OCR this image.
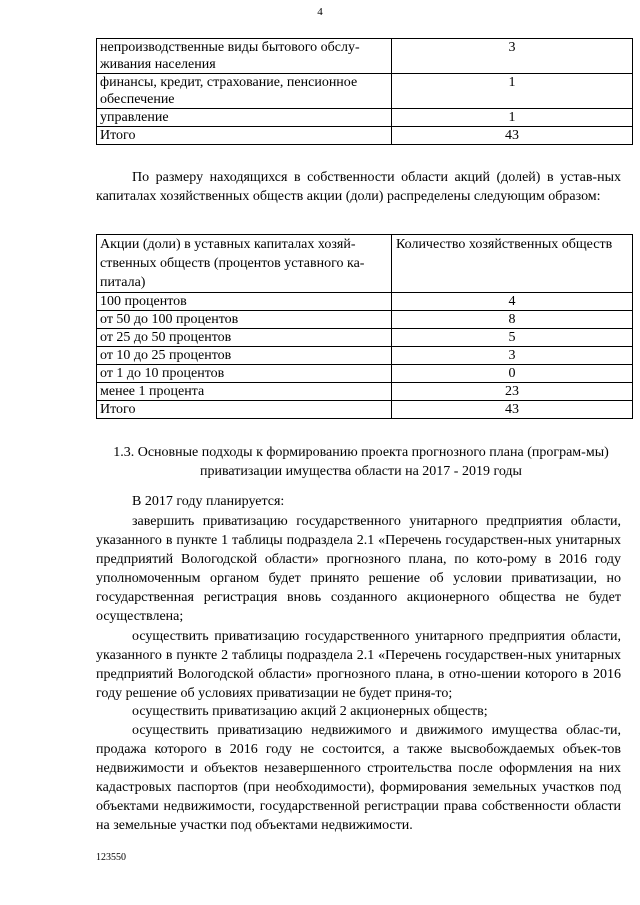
4
непроизводственные виды бытового обслу-живания населения	3
финансы, кредит, страхование, пенсионное обеспечение	1
управление	1
Итого	43
По размеру находящихся в собственности области акций (долей) в устав-ных капиталах хозяйственных обществ акции (доли) распределены следующим образом:
Акции (доли) в уставных капиталах хозяй-ственных обществ (процентов уставного ка-питала)	Количество хозяйственных обществ
100 процентов	4
от 50 до 100 процентов	8
от 25 до 50 процентов	5
от 10 до 25 процентов	3
от 1 до 10 процентов	0
менее 1 процента	23
Итого	43
1.3. Основные подходы к формированию проекта прогнозного плана (програм-мы) приватизации имущества области на 2017 - 2019 годы
В 2017 году планируется:
завершить приватизацию государственного унитарного предприятия области, указанного в пункте 1 таблицы подраздела 2.1 «Перечень государствен-ных унитарных предприятий Вологодской области» прогнозного плана, по кото-рому в 2016 году уполномоченным органом будет принято решение об условии приватизации, но государственная регистрация вновь созданного акционерного общества не будет осуществлена;
осуществить приватизацию государственного унитарного предприятия области, указанного в пункте 2 таблицы подраздела 2.1 «Перечень государствен-ных унитарных предприятий Вологодской области» прогнозного плана, в отно-шении которого в 2016 году решение об условиях приватизации не будет приня-то;
осуществить приватизацию акций 2 акционерных обществ;
осуществить приватизацию недвижимого и движимого имущества облас-ти, продажа которого в 2016 году не состоится, а также высвобождаемых объек-тов недвижимости и объектов незавершенного строительства после оформления на них кадастровых паспортов (при необходимости), формирования земельных участков под объектами недвижимости, государственной регистрации права собственности области на земельные участки под объектами недвижимости.
123550
